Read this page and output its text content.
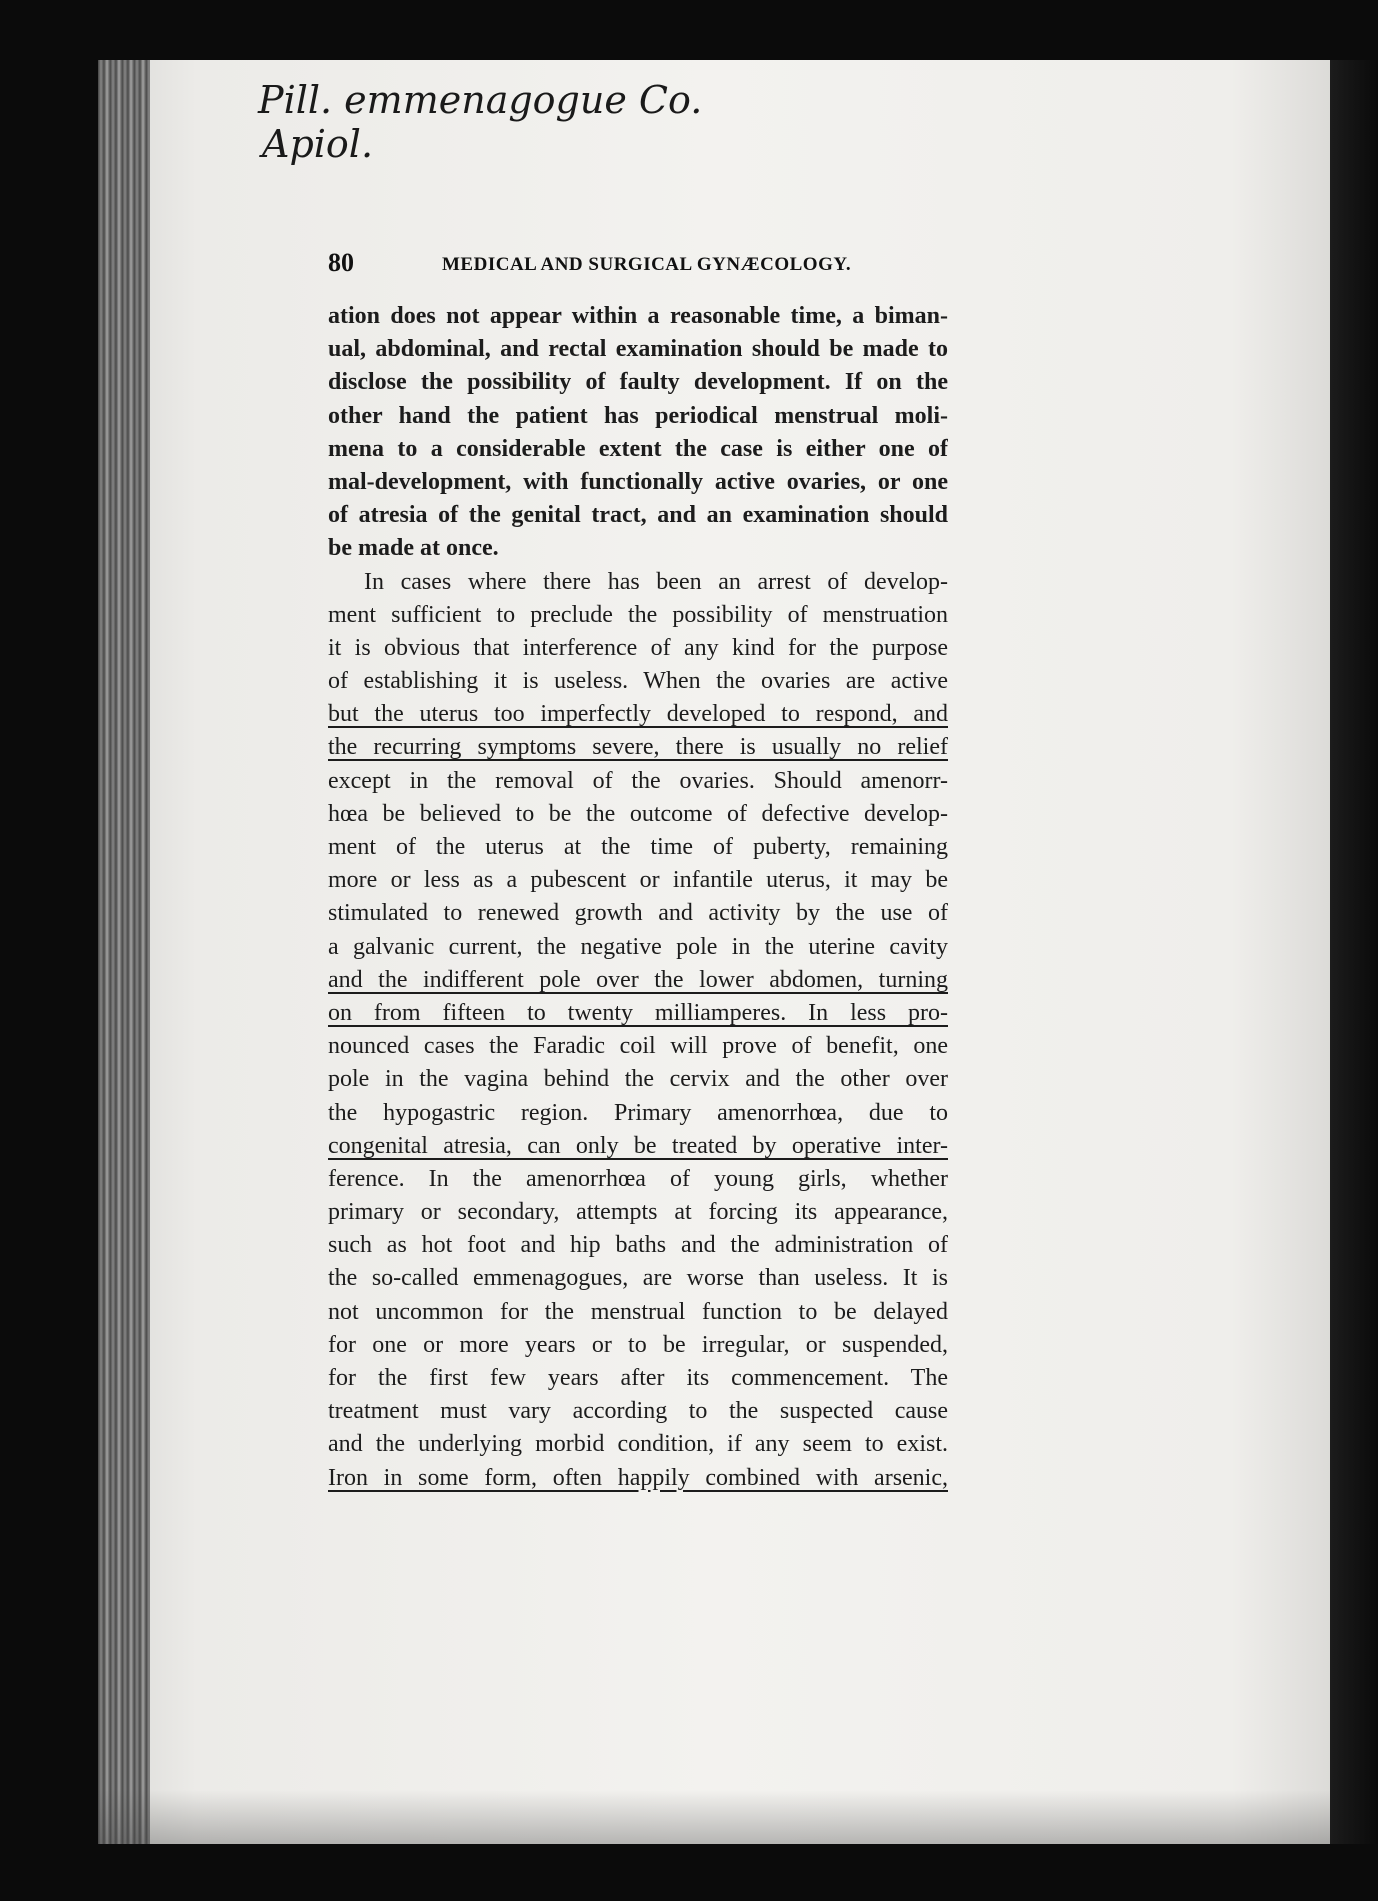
Pill. emmenagogue Co.
Apiol.
80	MEDICAL AND SURGICAL GYNÆCOLOGY.
ation does not appear within a reasonable time, a biman-
ual, abdominal, and rectal examination should be made to
disclose the possibility of faulty development. If on the
other hand the patient has periodical menstrual moli-
mena to a considerable extent the case is either one of
mal-development, with functionally active ovaries, or one
of atresia of the genital tract, and an examination should
be made at once.
In cases where there has been an arrest of develop-
ment sufficient to preclude the possibility of menstruation
it is obvious that interference of any kind for the purpose
of establishing it is useless. When the ovaries are active
but the uterus too imperfectly developed to respond, and
the recurring symptoms severe, there is usually no relief
except in the removal of the ovaries. Should amenorr-
hœa be believed to be the outcome of defective develop-
ment of the uterus at the time of puberty, remaining
more or less as a pubescent or infantile uterus, it may be
stimulated to renewed growth and activity by the use of
a galvanic current, the negative pole in the uterine cavity
and the indifferent pole over the lower abdomen, turning
on from fifteen to twenty milliamperes. In less pro-
nounced cases the Faradic coil will prove of benefit, one
pole in the vagina behind the cervix and the other over
the hypogastric region. Primary amenorrhœa, due to
congenital atresia, can only be treated by operative inter-
ference. In the amenorrhœa of young girls, whether
primary or secondary, attempts at forcing its appearance,
such as hot foot and hip baths and the administration of
the so-called emmenagogues, are worse than useless. It is
not uncommon for the menstrual function to be delayed
for one or more years or to be irregular, or suspended,
for the first few years after its commencement. The
treatment must vary according to the suspected cause
and the underlying morbid condition, if any seem to exist.
Iron in some form, often happily combined with arsenic,
